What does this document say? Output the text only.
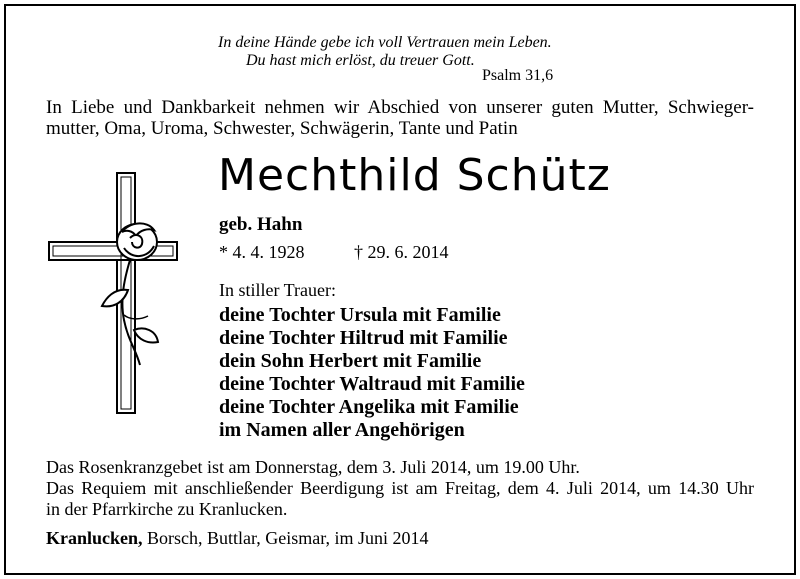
In deine Hände gebe ich voll Vertrauen mein Leben.
Du hast mich erlöst, du treuer Gott.
Psalm 31,6
In Liebe und Dankbarkeit nehmen wir Abschied von unserer guten Mutter, Schwieger-
mutter, Oma, Uroma, Schwester, Schwägerin, Tante und Patin
Mechthild Schütz
geb. Hahn
* 4. 4. 1928	† 29. 6. 2014
In stiller Trauer:
deine Tochter Ursula mit Familie
deine Tochter Hiltrud mit Familie
dein Sohn Herbert mit Familie
deine Tochter Waltraud mit Familie
deine Tochter Angelika mit Familie
im Namen aller Angehörigen
Das Rosenkranzgebet ist am Donnerstag, dem 3. Juli 2014, um 19.00 Uhr.
Das Requiem mit anschließender Beerdigung ist am Freitag, dem 4. Juli 2014, um 14.30 Uhr
in der Pfarrkirche zu Kranlucken.
Kranlucken, Borsch, Buttlar, Geismar, im Juni 2014
